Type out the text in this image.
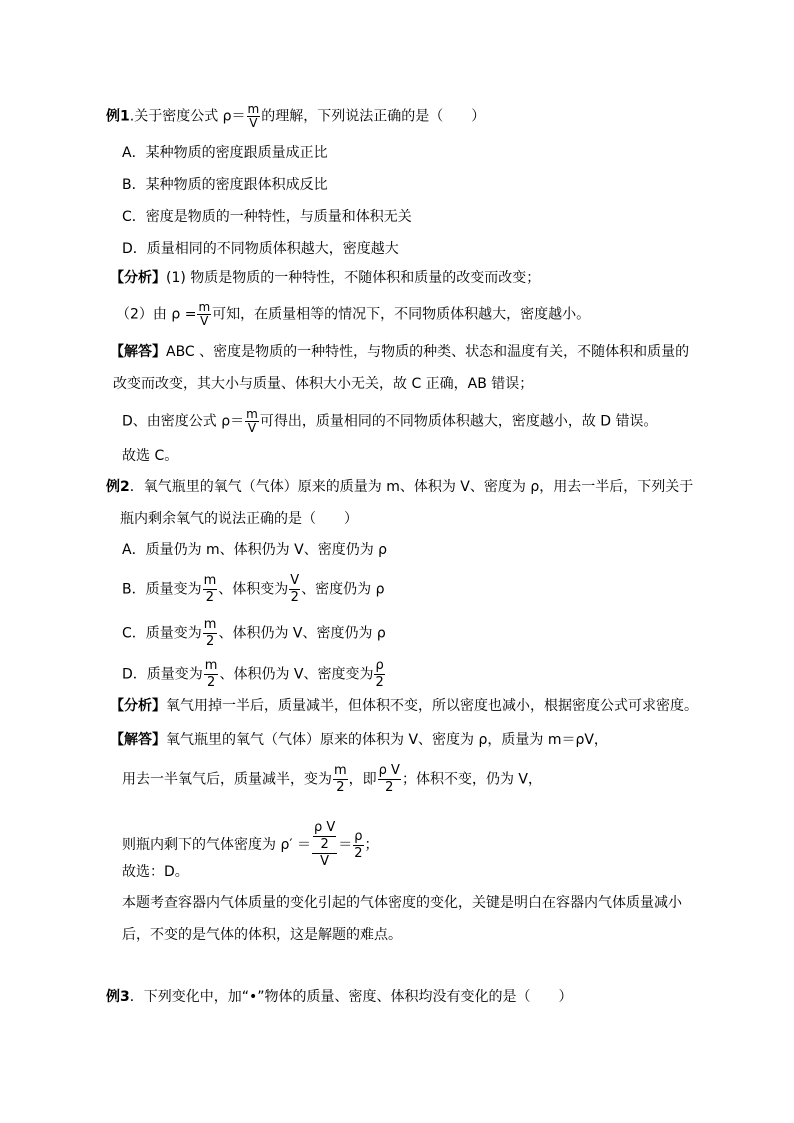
例1.关于密度公式 $\rho= \frac{m}{V}$ 的理解，下列说法正确的是（　　）
A．某种物质的密度跟质量成正比
B．某种物质的密度跟体积成反比
C．密度是物质的一种特性，与质量和体积无关
D．质量相同的不同物质体积越大，密度越大
【分析】(1) 物质是物质的一种特性，不随体积和质量的改变而改变；
（2）由 $\rho = \frac{m}{V}$ 可知，在质量相等的情况下，不同物质体积越大，密度越小。
【解答】ABC 、密度是物质的一种特性，与物质的种类、状态和温度有关，不随体积和质量的
改变而改变，其大小与质量、体积大小无关，故 C 正确，AB 错误；
D、由密度公式 $\rho= \frac{m}{V}$ 可得出，质量相同的不同物质体积越大，密度越小，故 D 错误。
故选 C。
例2．氧气瓶里的氧气（气体）原来的质量为 m、体积为 V、密度为 ρ，用去一半后，下列关于
瓶内剩余氧气的说法正确的是（　　）
A．质量仍为 m、体积仍为 V、密度仍为 ρ
B．质量变为 $\frac{m}{2}$ 、体积变为 $\frac{V}{2}$ 、密度仍为 ρ
C．质量变为 $\frac{m}{2}$ 、体积仍为 V、密度仍为 ρ
D．质量变为 $\frac{m}{2}$ 、体积仍为 V、密度变为 $\frac{\rho}{2}$
【分析】氧气用掉一半后，质量减半，但体积不变，所以密度也减小，根据密度公式可求密度。
【解答】氧气瓶里的氧气（气体）原来的体积为 V、密度为 ρ，质量为 m＝ρV，
用去一半氧气后，质量减半，变为 $\frac{m}{2}$ ，即 $\frac{\text{ρ V}}{2}$ ；体积不变，仍为 V，
则瓶内剩下的气体密度为 $\rho' = \frac{\frac{\text{ρ V}}{2}}{V} = \frac{\rho}{2}$ ；
故选：D。
本题考查容器内气体质量的变化引起的气体密度的变化，关键是明白在容器内气体质量减小
后，不变的是气体的体积，这是解题的难点。
例3．下列变化中，加“•”物体的质量、密度、体积均没有变化的是（　　）
